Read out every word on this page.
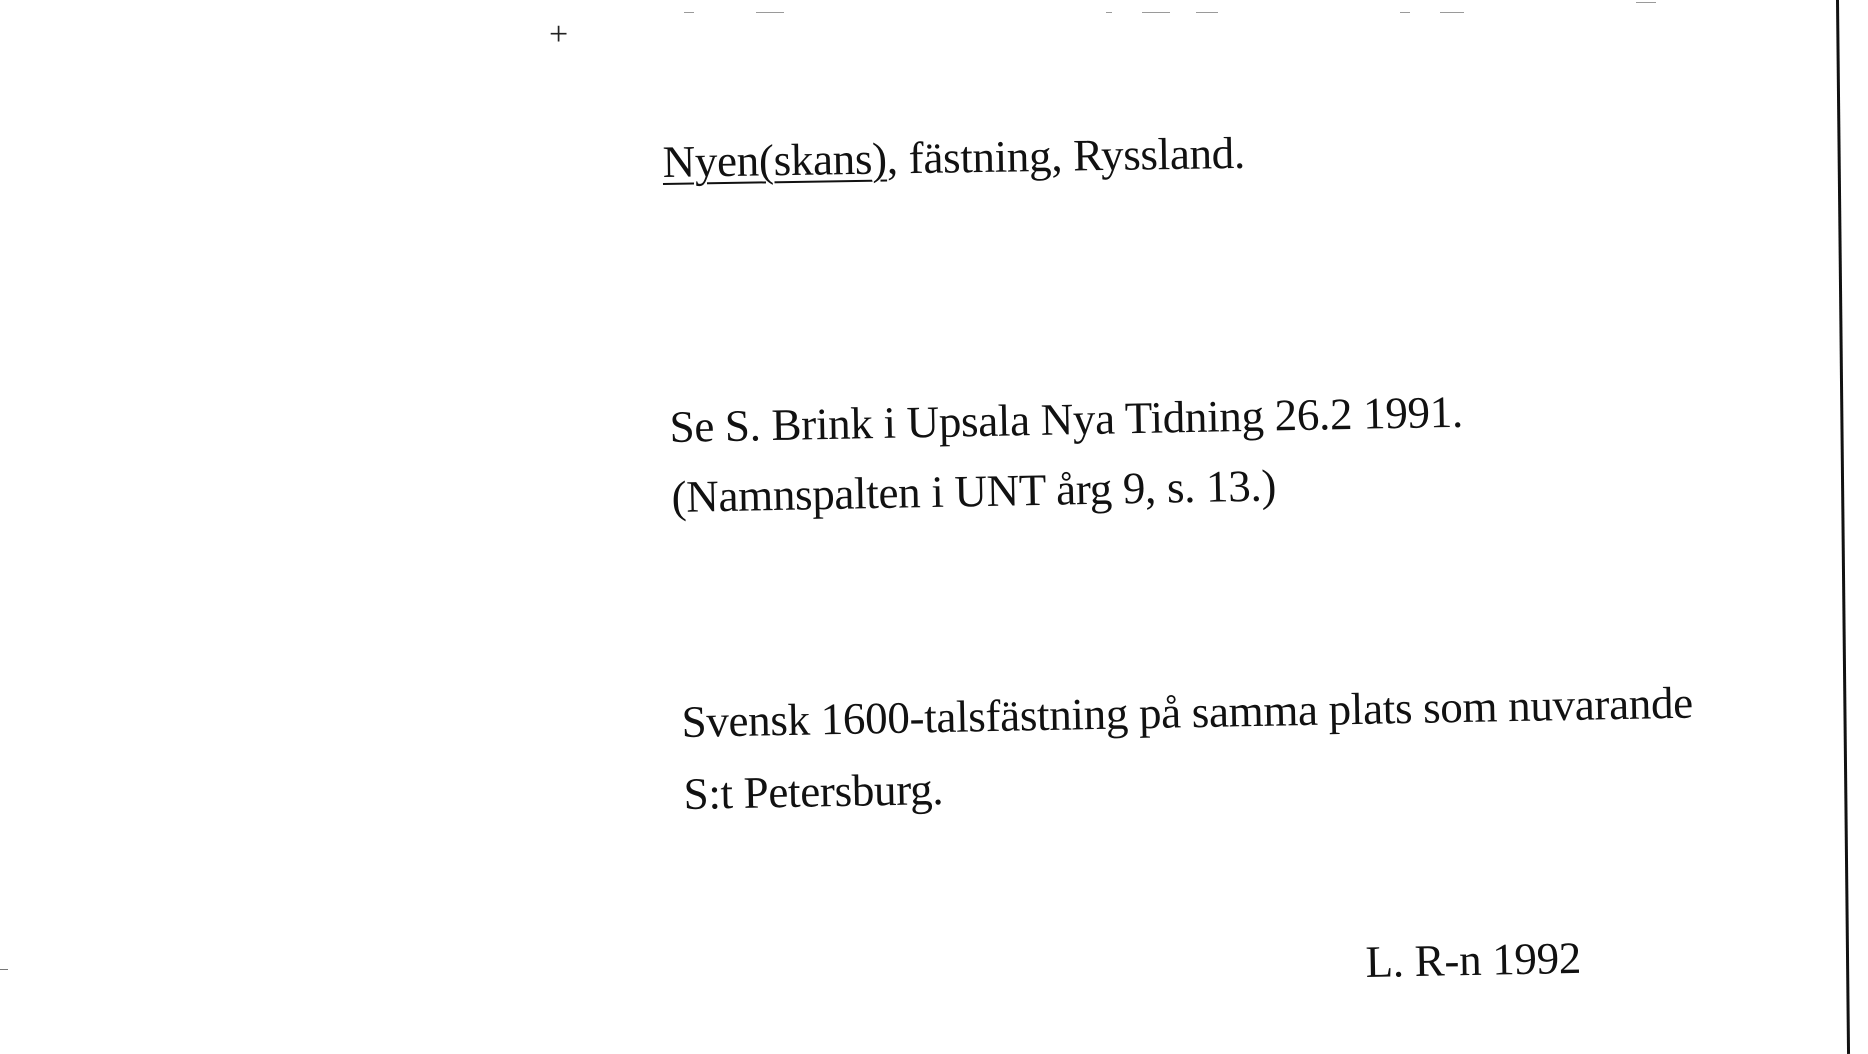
+
Nyen(skans), fästning, Ryssland.
Se S. Brink i Upsala Nya Tidning 26.2 1991.
(Namnspalten i UNT årg 9, s. 13.)
Svensk 1600-talsfästning på samma plats som nuvarande
S:t Petersburg.
L. R-n 1992
